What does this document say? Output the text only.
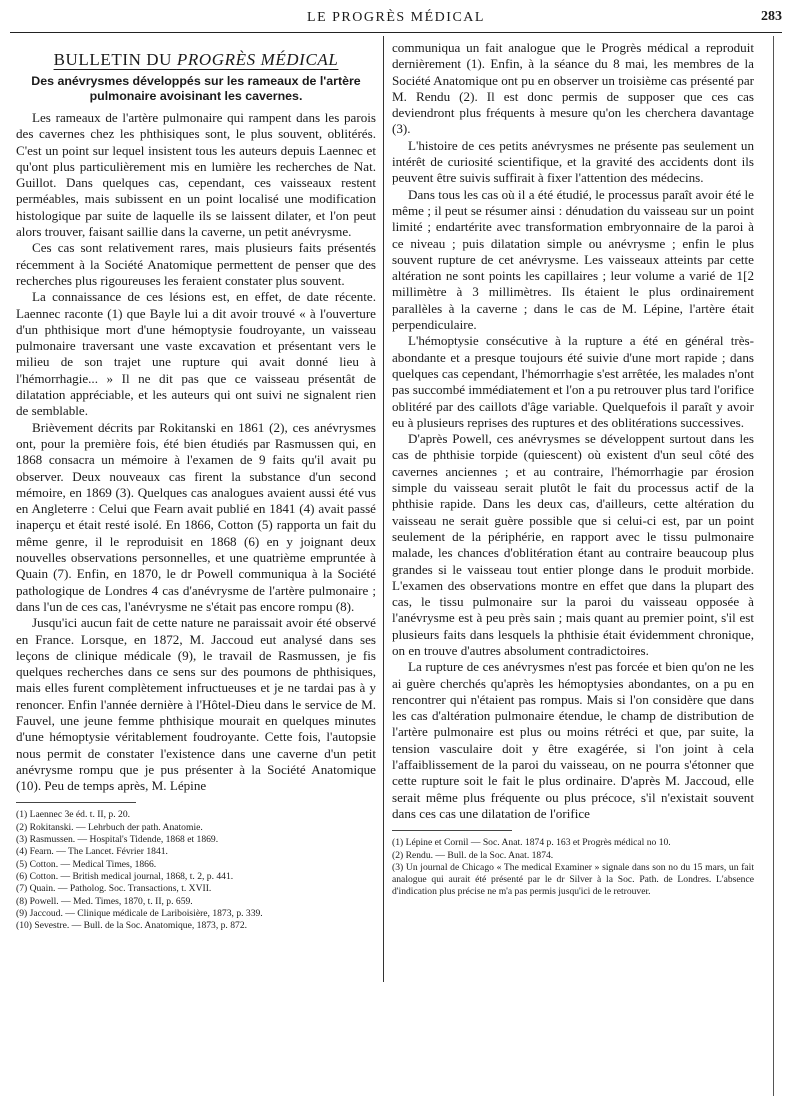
LE PROGRÈS MÉDICAL	283
BULLETIN DU PROGRÈS MÉDICAL
Des anévrysmes développés sur les rameaux de l'artère pulmonaire avoisinant les cavernes.

Les rameaux de l'artère pulmonaire qui rampent dans les parois des cavernes chez les phthisiques sont, le plus souvent, oblitérés. C'est un point sur lequel insistent tous les auteurs depuis Laennec et qu'ont plus particulièrement mis en lumière les recherches de Nat. Guillot. Dans quelques cas, cependant, ces vaisseaux restent perméables, mais subissent en un point localisé une modification histologique par suite de laquelle ils se laissent dilater, et l'on peut alors trouver, faisant saillie dans la caverne, un petit anévrysme.

Ces cas sont relativement rares, mais plusieurs faits présentés récemment à la Société Anatomique permettent de penser que des recherches plus rigoureuses les feraient constater plus souvent.

La connaissance de ces lésions est, en effet, de date récente. Laennec raconte (1) que Bayle lui a dit avoir trouvé « à l'ouverture d'un phthisique mort d'une hémoptysie foudroyante, un vaisseau pulmonaire traversant une vaste excavation et présentant vers le milieu de son trajet une rupture qui avait donné lieu à l'hémorrhagie... » Il ne dit pas que ce vaisseau présentât de dilatation appréciable, et les auteurs qui ont suivi ne signalent rien de semblable.

Brièvement décrits par Rokitanski en 1861 (2), ces anévrysmes ont, pour la première fois, été bien étudiés par Rasmussen qui, en 1868 consacra un mémoire à l'examen de 9 faits qu'il avait pu observer. Deux nouveaux cas firent la substance d'un second mémoire, en 1869 (3). Quelques cas analogues avaient aussi été vus en Angleterre : Celui que Fearn avait publié en 1841 (4) avait passé inaperçu et était resté isolé. En 1866, Cotton (5) rapporta un fait du même genre, il le reproduisit en 1868 (6) en y joignant deux nouvelles observations personnelles, et une quatrième empruntée à Quain (7). Enfin, en 1870, le dr Powell communiqua à la Société pathologique de Londres 4 cas d'anévrysme de l'artère pulmonaire ; dans l'un de ces cas, l'anévrysme ne s'était pas encore rompu (8).

Jusqu'ici aucun fait de cette nature ne paraissait avoir été observé en France. Lorsque, en 1872, M. Jaccoud eut analysé dans ses leçons de clinique médicale (9), le travail de Rasmussen, je fis quelques recherches dans ce sens sur des poumons de phthisiques, mais elles furent complètement infructueuses et je ne tardai pas à y renoncer. Enfin l'année dernière à l'Hôtel-Dieu dans le service de M. Fauvel, une jeune femme phthisique mourait en quelques minutes d'une hémoptysie véritablement foudroyante. Cette fois, l'autopsie nous permit de constater l'existence dans une caverne d'un petit anévrysme rompu que je pus présenter à la Société Anatomique (10). Peu de temps après, M. Lépine

(1) Laennec 3e éd. t. II, p. 20.
(2) Rokitanski. — Lehrbuch der path. Anatomie.
(3) Rasmussen. — Hospital's Tidende, 1868 et 1869.
(4) Fearn. — The Lancet. Février 1841.
(5) Cotton. — Medical Times, 1866.
(6) Cotton. — British medical journal, 1868, t. 2, p. 441.
(7) Quain. — Patholog. Soc. Transactions, t. XVII.
(8) Powell. — Med. Times, 1870, t. II, p. 659.
(9) Jaccoud. — Clinique médicale de Lariboisière, 1873, p. 339.
(10) Sevestre. — Bull. de la Soc. Anatomique, 1873, p. 872.

communiqua un fait analogue que le Progrès médical a reproduit dernièrement (1). Enfin, à la séance du 8 mai, les membres de la Société Anatomique ont pu en observer un troisième cas présenté par M. Rendu (2). Il est donc permis de supposer que ces cas deviendront plus fréquents à mesure qu'on les cherchera davantage (3).

L'histoire de ces petits anévrysmes ne présente pas seulement un intérêt de curiosité scientifique, et la gravité des accidents dont ils peuvent être suivis suffirait à fixer l'attention des médecins.

Dans tous les cas où il a été étudié, le processus paraît avoir été le même ; il peut se résumer ainsi : dénudation du vaisseau sur un point limité ; endartérite avec transformation embryonnaire de la paroi à ce niveau ; puis dilatation simple ou anévrysme ; enfin le plus souvent rupture de cet anévrysme. Les vaisseaux atteints par cette altération ne sont points les capillaires ; leur volume a varié de 1[2 millimètre à 3 millimètres. Ils étaient le plus ordinairement parallèles à la caverne ; dans le cas de M. Lépine, l'artère était perpendiculaire.

L'hémoptysie consécutive à la rupture a été en général très-abondante et a presque toujours été suivie d'une mort rapide ; dans quelques cas cependant, l'hémorrhagie s'est arrêtée, les malades n'ont pas succombé immédiatement et l'on a pu retrouver plus tard l'orifice oblitéré par des caillots d'âge variable. Quelquefois il paraît y avoir eu à plusieurs reprises des ruptures et des oblitérations successives.

D'après Powell, ces anévrysmes se développent surtout dans les cas de phthisie torpide (quiescent) où existent d'un seul côté des cavernes anciennes ; et au contraire, l'hémorrhagie par érosion simple du vaisseau serait plutôt le fait du processus actif de la phthisie rapide. Dans les deux cas, d'ailleurs, cette altération du vaisseau ne serait guère possible que si celui-ci est, par un point seulement de la périphérie, en rapport avec le tissu pulmonaire malade, les chances d'oblitération étant au contraire beaucoup plus grandes si le vaisseau tout entier plonge dans le produit morbide. L'examen des observations montre en effet que dans la plupart des cas, le tissu pulmonaire sur la paroi du vaisseau opposée à l'anévrysme est à peu près sain ; mais quant au premier point, s'il est plusieurs faits dans lesquels la phthisie était évidemment chronique, on en trouve d'autres absolument contradictoires.

La rupture de ces anévrysmes n'est pas forcée et bien qu'on ne les ai guère cherchés qu'après les hémoptysies abondantes, on a pu en rencontrer qui n'étaient pas rompus. Mais si l'on considère que dans les cas d'altération pulmonaire étendue, le champ de distribution de l'artère pulmonaire est plus ou moins rétréci et que, par suite, la tension vasculaire doit y être exagérée, si l'on joint à cela l'affaiblissement de la paroi du vaisseau, on ne pourra s'étonner que cette rupture soit le fait le plus ordinaire. D'après M. Jaccoud, elle serait même plus fréquente ou plus précoce, s'il n'existait souvent dans ces cas une dilatation de l'orifice

(1) Lépine et Cornil — Soc. Anat. 1874 p. 163 et Progrès médical no 10.
(2) Rendu. — Bull. de la Soc. Anat. 1874.
(3) Un journal de Chicago « The medical Examiner » signale dans son no du 15 mars, un fait analogue qui aurait été présenté par le dr Silver à la Soc. Path. de Londres. L'absence d'indication plus précise ne m'a pas permis jusqu'ici de le retrouver.
